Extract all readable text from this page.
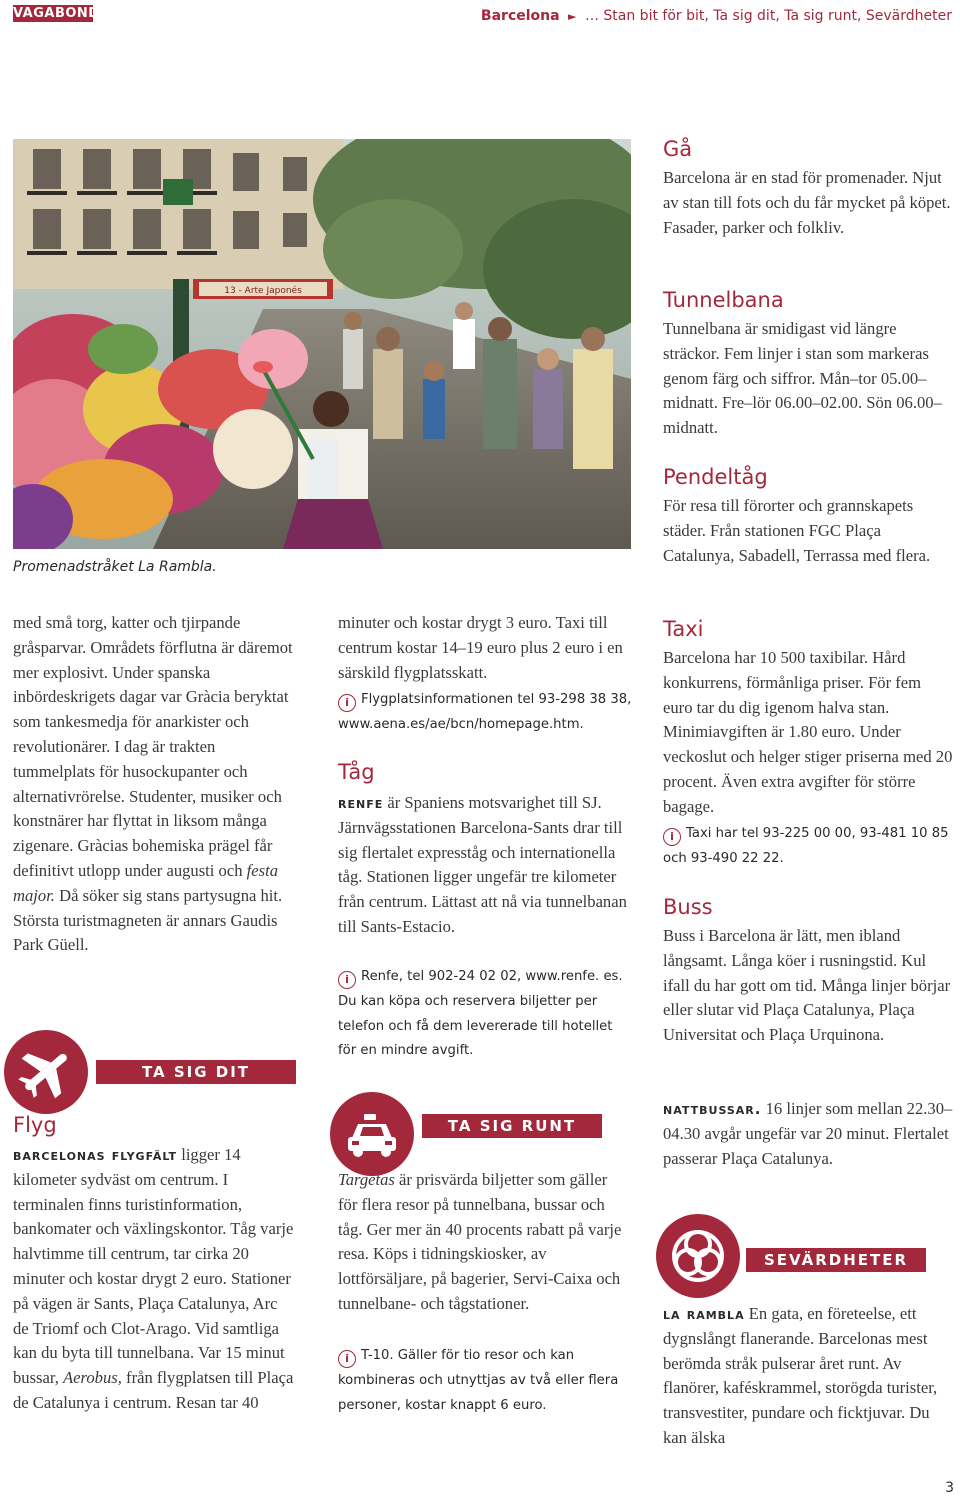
VAGABOND	Barcelona ► … Stan bit för bit, Ta sig dit, Ta sig runt, Sevärdheter
13 - Arte Japonés
Promenadstråket La Rambla.
med små torg, katter och tjirpande gråsparvar. Områdets förflutna är däremot mer explosivt. Under spanska inbördeskrigets dagar var Gràcia beryktat som tankesmedja för anarkister och revolutionärer. I dag är trakten tummelplats för husockupanter och alternativrörelse. Studenter, musiker och konstnärer har flyttat in liksom många zigenare. Gràcias bohemiska prägel får definitivt utlopp under augusti och festa major. Då söker sig stans partysugna hit. Största turistmagneten är annars Gaudis Park Güell.
TA SIG DIT
Flyg
barcelonas flygfält ligger 14 kilometer sydväst om centrum. I terminalen finns turistinformation, bankomater och växlingskontor. Tåg varje halvtimme till centrum, tar cirka 20 minuter och kostar drygt 2 euro. Stationer på vägen är Sants, Plaça Catalunya, Arc de Triomf och Clot-Arago. Vid samtliga kan du byta till tunnelbana. Var 15 minut bussar, Aerobus, från flygplatsen till Plaça de Catalunya i centrum. Resan tar 40
minuter och kostar drygt 3 euro. Taxi till centrum kostar 14–19 euro plus 2 euro i en särskild flygplatsskatt.
i Flygplatsinformationen tel 93-298 38 38, www.aena.es/ae/bcn/homepage.htm.
Tåg
renfe är Spaniens motsvarighet till SJ. Järnvägsstationen Barcelona-Sants drar till sig flertalet expresståg och internationella tåg. Stationen ligger ungefär tre kilometer från centrum. Lättast att nå via tunnelbanan till Sants-Estacio.
i Renfe, tel 902-24 02 02, www.renfe. es. Du kan köpa och reservera biljetter per telefon och få dem levererade till hotellet för en mindre avgift.
TA SIG RUNT
Targetas är prisvärda biljetter som gäller för flera resor på tunnelbana, bussar och tåg. Ger mer än 40 procents rabatt på varje resa. Köps i tidningskiosker, av lottförsäljare, på bagerier, Servi-Caixa och tunnelbane- och tågstationer.
i T-10. Gäller för tio resor och kan kombineras och utnyttjas av två eller flera personer, kostar knappt 6 euro.
Gå
Barcelona är en stad för promenader. Njut av stan till fots och du får mycket på köpet. Fasader, parker och folkliv.
Tunnelbana
Tunnelbana är smidigast vid längre sträckor. Fem linjer i stan som markeras genom färg och siffror. Mån–tor 05.00–midnatt. Fre–lör 06.00–02.00. Sön 06.00–midnatt.
Pendeltåg
För resa till förorter och grannskapets städer. Från stationen FGC Plaça Catalunya, Sabadell, Terrassa med flera.
Taxi
Barcelona har 10 500 taxibilar. Hård konkurrens, förmånliga priser. För fem euro tar du dig igenom halva stan. Minimiavgiften är 1.80 euro. Under veckoslut och helger stiger priserna med 20 procent. Även extra avgifter för större bagage.
i Taxi har tel 93-225 00 00, 93-481 10 85 och 93-490 22 22.
Buss
Buss i Barcelona är lätt, men ibland långsamt. Långa köer i rusningstid. Kul ifall du har gott om tid. Många linjer börjar eller slutar vid Plaça Catalunya, Plaça Universitat och Plaça Urquinona.
nattbussar. 16 linjer som mellan 22.30–04.30 avgår ungefär var 20 minut. Flertalet passerar Plaça Catalunya.
SEVÄRDHETER
la rambla En gata, en företeelse, ett dygnslångt flanerande. Barcelonas mest berömda stråk pulserar året runt. Av flanörer, kaféskrammel, storögda turister, transvestiter, pundare och ficktjuvar. Du kan älska
3
